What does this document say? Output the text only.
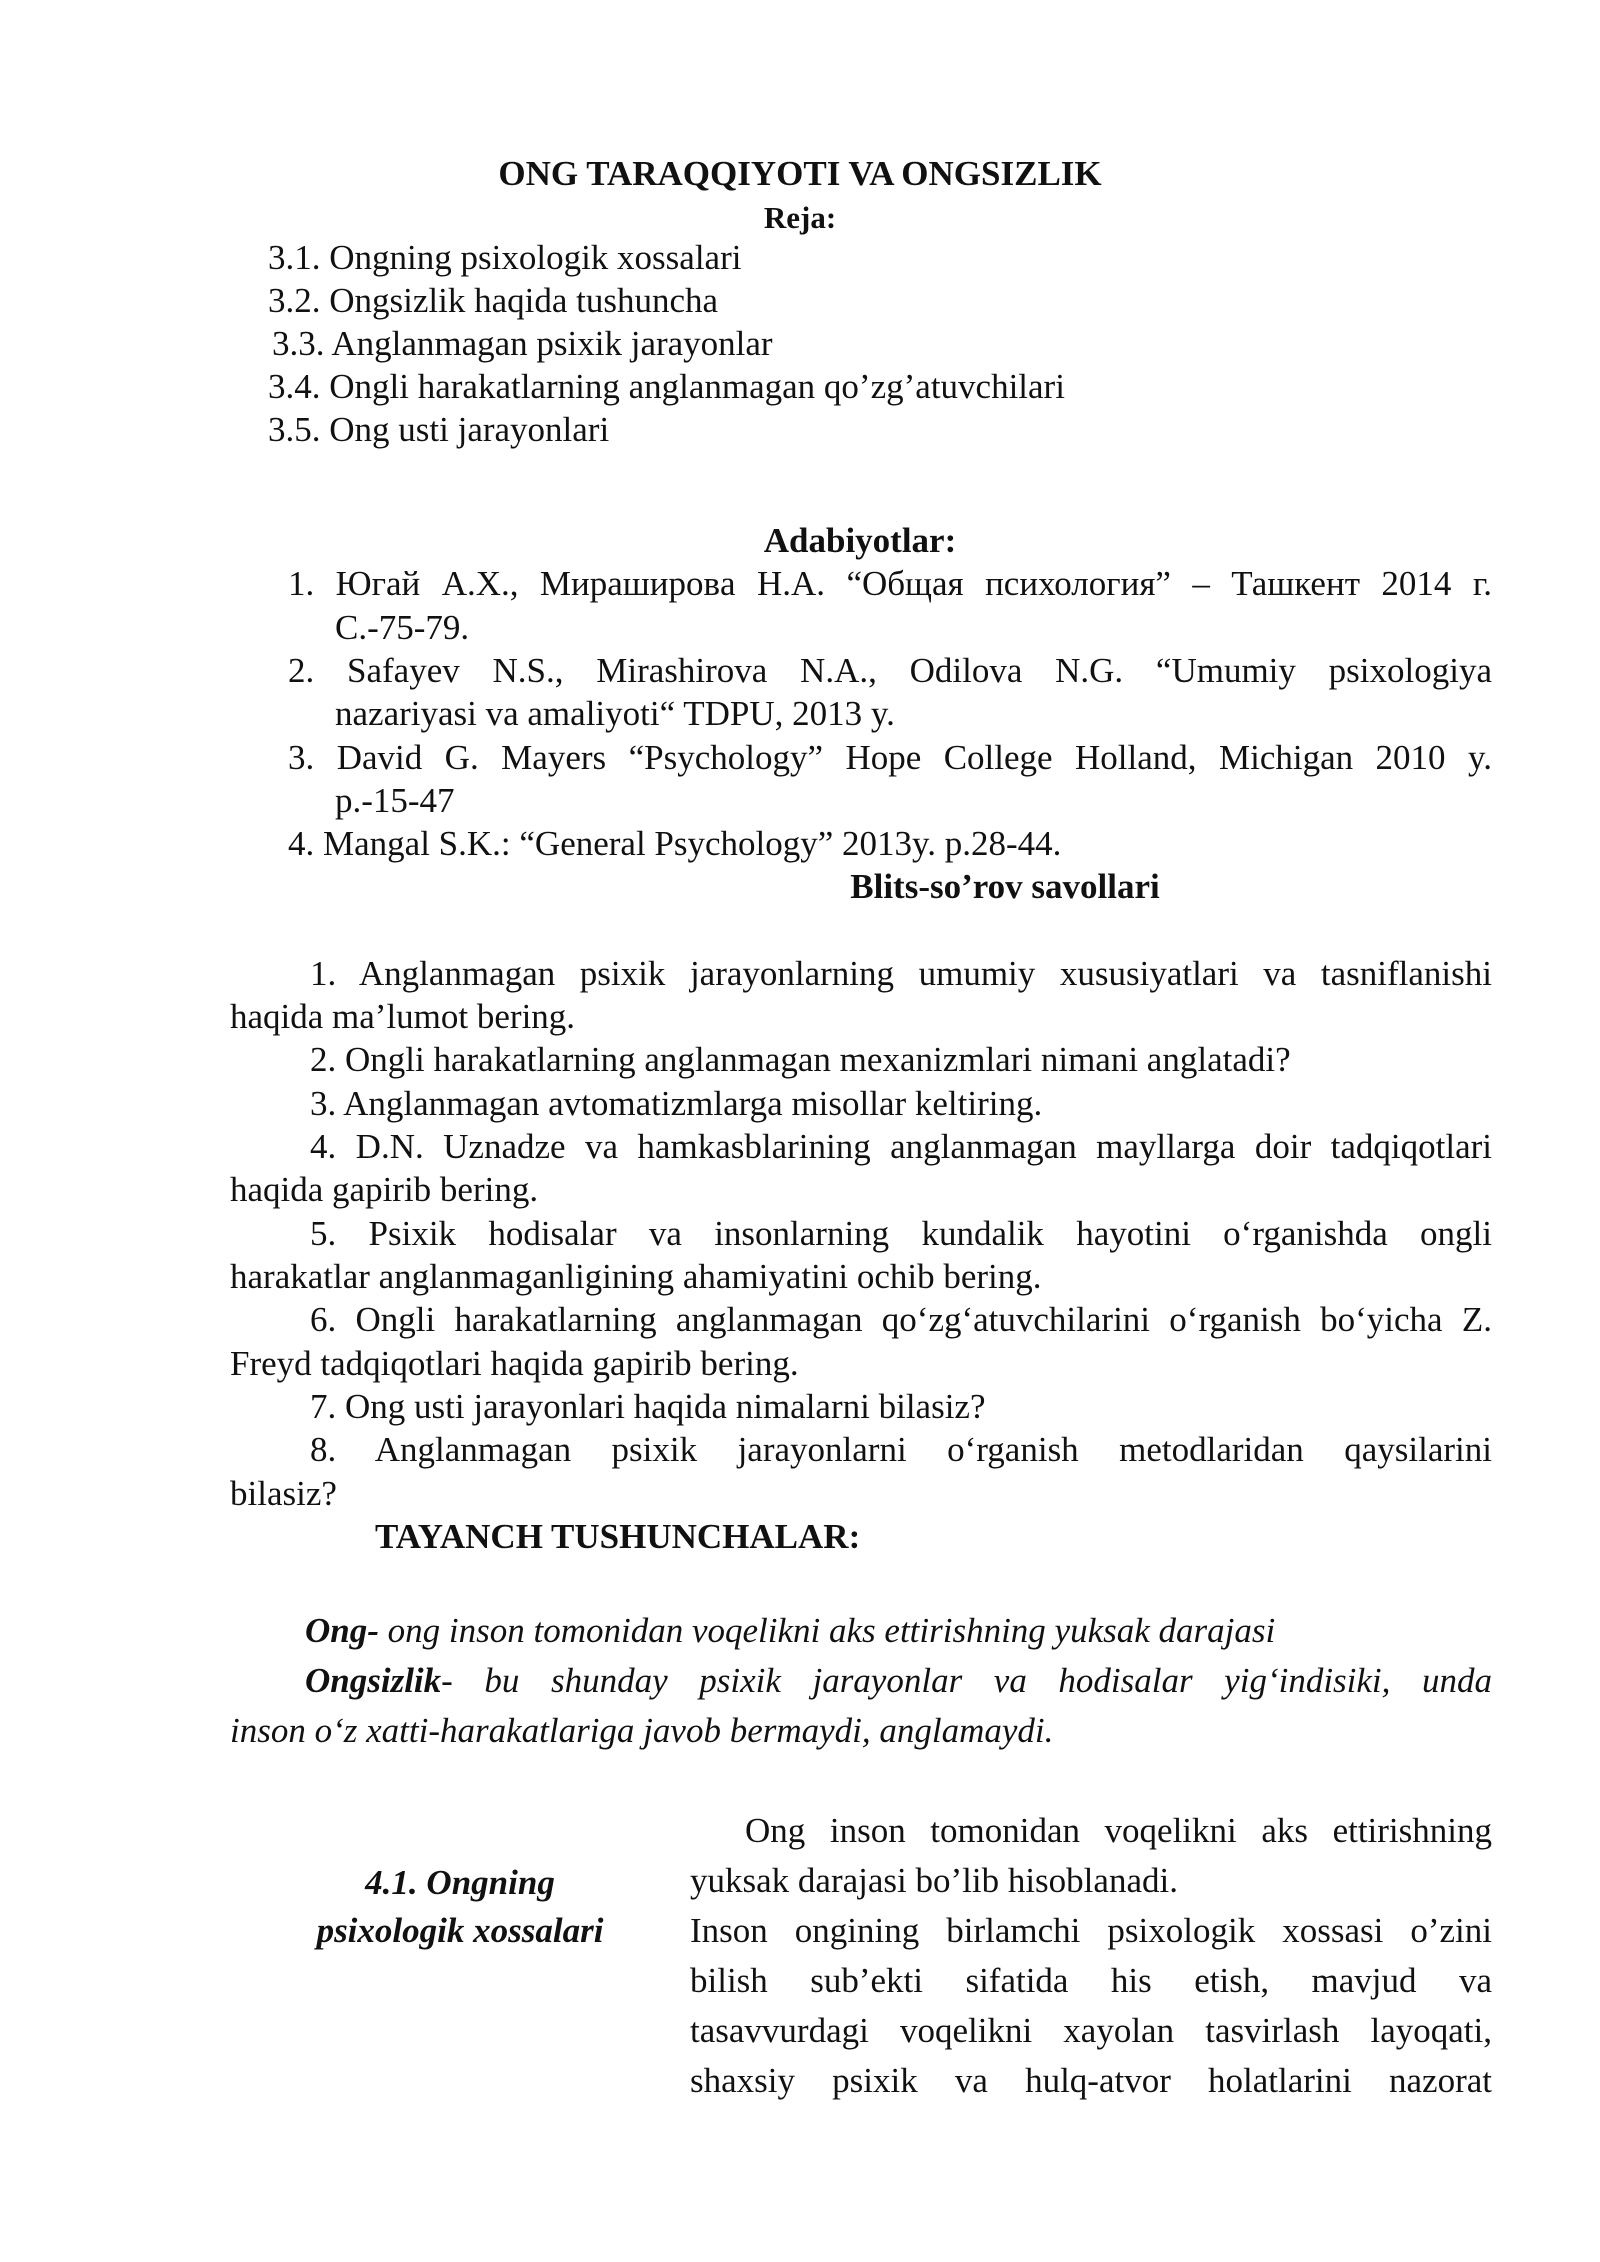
ONG TARAQQIYOTI VA ONGSIZLIK
Reja:
3.1. Ongning psixologik xossalari
3.2. Ongsizlik haqida tushuncha
3.3. Anglanmagan psixik jarayonlar
3.4. Ongli harakatlarning anglanmagan qo’zg’atuvchilari
3.5. Ong usti jarayonlari
Adabiyotlar:
1. Югай А.Х., Мирашировa Н.А. “Общая психология” – Ташкент 2014 г.
С.-75-79.
2. Safayev N.S., Mirashirova N.A., Odilova N.G. “Umumiy psixologiya
nazariyasi va amaliyoti“ TDPU, 2013 y.
3. David G. Mayers “Psychology” Hope College Holland, Michigan 2010 y.
p.-15-47
4. Mangal S.K.: “General Psychology” 2013y. p.28-44.
Blits-so’rov savollari
1. Anglanmagan psixik jarayonlarning umumiy xususiyatlari va tasniflanishi
haqida ma’lumot bering.
2. Ongli harakatlarning anglanmagan mexanizmlari nimani anglatadi?
3. Anglanmagan avtomatizmlarga misollar keltiring.
4. D.N. Uznadze va hamkasblarining anglanmagan mayllarga doir tadqiqotlari
haqida gapirib bering.
5. Psixik hodisalar va insonlarning kundalik hayotini o‘rganishda ongli
harakatlar anglanmaganligining ahamiyatini ochib bering.
6. Ongli harakatlarning anglanmagan qo‘zg‘atuvchilarini o‘rganish bo‘yicha Z.
Freyd tadqiqotlari haqida gapirib bering.
7. Ong usti jarayonlari haqida nimalarni bilasiz?
8. Anglanmagan psixik jarayonlarni o‘rganish metodlaridan qaysilarini
bilasiz?
TAYANCH TUSHUNCHALAR:
Ong- ong inson tomonidan voqelikni aks ettirishning yuksak darajasi
Ongsizlik - bu shunday psixik jarayonlar va hodisalar yig‘indisiki, unda
inson o‘z xatti-harakatlariga javob bermaydi, anglamaydi.
4.1. Ongning
psixologik xossalari
Ong inson tomonidan voqelikni aks ettirishning
yuksak darajasi bo’lib hisoblanadi.
Inson ongining birlamchi psixologik xossasi o’zini
bilish sub’ekti sifatida his etish, mavjud va
tasavvurdagi voqelikni xayolan tasvirlash layoqati,
shaxsiy psixik va hulq-atvor holatlarini nazorat
